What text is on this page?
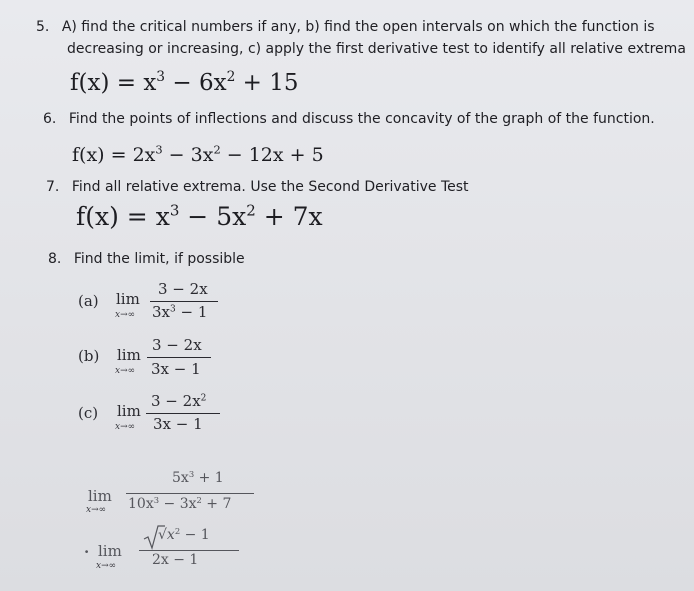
5. A) find the critical numbers if any, b) find the open intervals on which the function is
decreasing or increasing, c) apply the first derivative test to identify all relative extrema
$f(x) = x^3 - 6x^2 + 15$
6. Find the points of inflections and discuss the concavity of the graph of the function.
$f(x) = 2x^3 - 3x^2 - 12x + 5$
7. Find all relative extrema. Use the Second Derivative Test
$f(x) = x^3 - 5x^2 + 7x$
8. Find the limit, if possible
(a) lim
x→∞
3 − 2x
$3x^3 - 1$
(b) lim
x→∞
3 − 2x
3x − 1
(c) lim
x→∞
$3 - 2x^2$
3x − 1
lim
x→∞
$5x^3 + 1$
$10x^3 - 3x^2 + 7$
· lim
x→∞
$√x^2 - 1$
2x − 1
